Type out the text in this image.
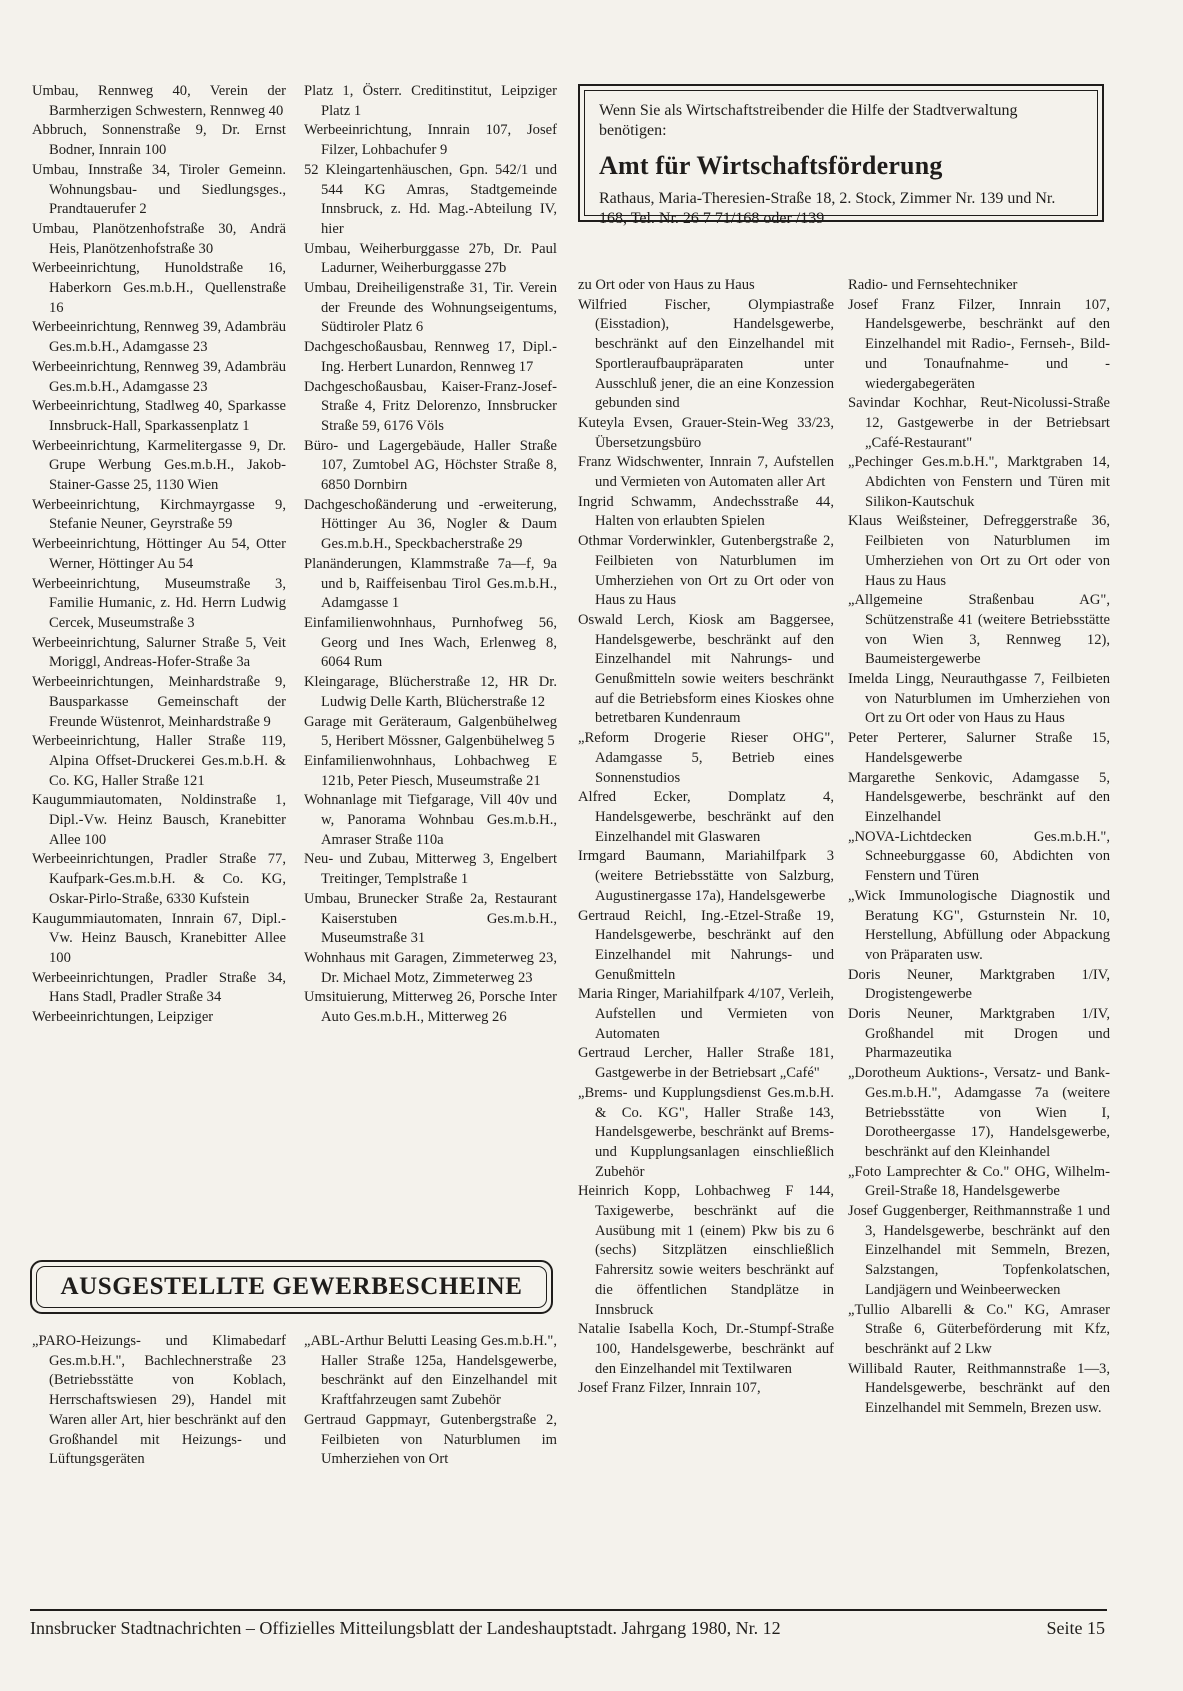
Umbau, Rennweg 40, Verein der Barmherzigen Schwestern, Rennweg 40

Abbruch, Sonnenstraße 9, Dr. Ernst Bodner, Innrain 100

Umbau, Innstraße 34, Tiroler Gemeinn. Wohnungsbau- und Siedlungsges., Prandtauerufer 2

Umbau, Planötzenhofstraße 30, Andrä Heis, Planötzenhofstraße 30

Werbeeinrichtung, Hunoldstraße 16, Haberkorn Ges.m.b.H., Quellenstraße 16

Werbeeinrichtung, Rennweg 39, Adambräu Ges.m.b.H., Adamgasse 23

Werbeeinrichtung, Rennweg 39, Adambräu Ges.m.b.H., Adamgasse 23

Werbeeinrichtung, Stadlweg 40, Sparkasse Innsbruck-Hall, Sparkassenplatz 1

Werbeeinrichtung, Karmelitergasse 9, Dr. Grupe Werbung Ges.m.b.H., Jakob-Stainer-Gasse 25, 1130 Wien

Werbeeinrichtung, Kirchmayrgasse 9, Stefanie Neuner, Geyrstraße 59

Werbeeinrichtung, Höttinger Au 54, Otter Werner, Höttinger Au 54

Werbeeinrichtung, Museumstraße 3, Familie Humanic, z. Hd. Herrn Ludwig Cercek, Museumstraße 3

Werbeeinrichtung, Salurner Straße 5, Veit Moriggl, Andreas-Hofer-Straße 3a

Werbeeinrichtungen, Meinhardstraße 9, Bausparkasse Gemeinschaft der Freunde Wüstenrot, Meinhardstraße 9

Werbeeinrichtung, Haller Straße 119, Alpina Offset-Druckerei Ges.m.b.H. & Co. KG, Haller Straße 121

Kaugummiautomaten, Noldinstraße 1, Dipl.-Vw. Heinz Bausch, Kranebitter Allee 100

Werbeeinrichtungen, Pradler Straße 77, Kaufpark-Ges.m.b.H. & Co. KG, Oskar-Pirlo-Straße, 6330 Kufstein

Kaugummiautomaten, Innrain 67, Dipl.-Vw. Heinz Bausch, Kranebitter Allee 100

Werbeeinrichtungen, Pradler Straße 34, Hans Stadl, Pradler Straße 34

Werbeeinrichtungen, Leipziger

Platz 1, Österr. Creditinstitut, Leipziger Platz 1

Werbeeinrichtung, Innrain 107, Josef Filzer, Lohbachufer 9

52 Kleingartenhäuschen, Gpn. 542/1 und 544 KG Amras, Stadtgemeinde Innsbruck, z. Hd. Mag.-Abteilung IV, hier

Umbau, Weiherburggasse 27b, Dr. Paul Ladurner, Weiherburggasse 27b

Umbau, Dreiheiligenstraße 31, Tir. Verein der Freunde des Wohnungseigentums, Südtiroler Platz 6

Dachgeschoßausbau, Rennweg 17, Dipl.-Ing. Herbert Lunardon, Rennweg 17

Dachgeschoßausbau, Kaiser-Franz-Josef-Straße 4, Fritz Delorenzo, Innsbrucker Straße 59, 6176 Völs

Büro- und Lagergebäude, Haller Straße 107, Zumtobel AG, Höchster Straße 8, 6850 Dornbirn

Dachgeschoßänderung und -erweiterung, Höttinger Au 36, Nogler & Daum Ges.m.b.H., Speckbacherstraße 29

Planänderungen, Klammstraße 7a—f, 9a und b, Raiffeisenbau Tirol Ges.m.b.H., Adamgasse 1

Einfamilienwohnhaus, Purnhofweg 56, Georg und Ines Wach, Erlenweg 8, 6064 Rum

Kleingarage, Blücherstraße 12, HR Dr. Ludwig Delle Karth, Blücherstraße 12

Garage mit Geräteraum, Galgenbühelweg 5, Heribert Mössner, Galgenbühelweg 5

Einfamilienwohnhaus, Lohbachweg E 121b, Peter Piesch, Museumstraße 21

Wohnanlage mit Tiefgarage, Vill 40v und w, Panorama Wohnbau Ges.m.b.H., Amraser Straße 110a

Neu- und Zubau, Mitterweg 3, Engelbert Treitinger, Templstraße 1

Umbau, Brunecker Straße 2a, Restaurant Kaiserstuben Ges.m.b.H., Museumstraße 31

Wohnhaus mit Garagen, Zimmeterweg 23, Dr. Michael Motz, Zimmeterweg 23

Umsituierung, Mitterweg 26, Porsche Inter Auto Ges.m.b.H., Mitterweg 26

Wenn Sie als Wirtschaftstreibender die Hilfe der Stadtverwaltung benötigen:

Amt für Wirtschaftsförderung

Rathaus, Maria-Theresien-Straße 18, 2. Stock, Zimmer Nr. 139 und Nr. 168, Tel. Nr. 26 7 71/168 oder /139

zu Ort oder von Haus zu Haus

Wilfried Fischer, Olympiastraße (Eisstadion), Handelsgewerbe, beschränkt auf den Einzelhandel mit Sportleraufbaupräparaten unter Ausschluß jener, die an eine Konzession gebunden sind

Kuteyla Evsen, Grauer-Stein-Weg 33/23, Übersetzungsbüro

Franz Widschwenter, Innrain 7, Aufstellen und Vermieten von Automaten aller Art

Ingrid Schwamm, Andechsstraße 44, Halten von erlaubten Spielen

Othmar Vorderwinkler, Gutenbergstraße 2, Feilbieten von Naturblumen im Umherziehen von Ort zu Ort oder von Haus zu Haus

Oswald Lerch, Kiosk am Baggersee, Handelsgewerbe, beschränkt auf den Einzelhandel mit Nahrungs- und Genußmitteln sowie weiters beschränkt auf die Betriebsform eines Kioskes ohne betretbaren Kundenraum

„Reform Drogerie Rieser OHG", Adamgasse 5, Betrieb eines Sonnenstudios

Alfred Ecker, Domplatz 4, Handelsgewerbe, beschränkt auf den Einzelhandel mit Glaswaren

Irmgard Baumann, Mariahilfpark 3 (weitere Betriebsstätte von Salzburg, Augustinergasse 17a), Handelsgewerbe

Gertraud Reichl, Ing.-Etzel-Straße 19, Handelsgewerbe, beschränkt auf den Einzelhandel mit Nahrungs- und Genußmitteln

Maria Ringer, Mariahilfpark 4/107, Verleih, Aufstellen und Vermieten von Automaten

Gertraud Lercher, Haller Straße 181, Gastgewerbe in der Betriebsart „Café"

„Brems- und Kupplungsdienst Ges.m.b.H. & Co. KG", Haller Straße 143, Handelsgewerbe, beschränkt auf Brems- und Kupplungsanlagen einschließlich Zubehör

Heinrich Kopp, Lohbachweg F 144, Taxigewerbe, beschränkt auf die Ausübung mit 1 (einem) Pkw bis zu 6 (sechs) Sitzplätzen einschließlich Fahrersitz sowie weiters beschränkt auf die öffentlichen Standplätze in Innsbruck

Natalie Isabella Koch, Dr.-Stumpf-Straße 100, Handelsgewerbe, beschränkt auf den Einzelhandel mit Textilwaren

Josef Franz Filzer, Innrain 107,

Radio- und Fernsehtechniker

Josef Franz Filzer, Innrain 107, Handelsgewerbe, beschränkt auf den Einzelhandel mit Radio-, Fernseh-, Bild- und Tonaufnahme- und -wiedergabegeräten

Savindar Kochhar, Reut-Nicolussi-Straße 12, Gastgewerbe in der Betriebsart „Café-Restaurant"

„Pechinger Ges.m.b.H.", Marktgraben 14, Abdichten von Fenstern und Türen mit Silikon-Kautschuk

Klaus Weißsteiner, Defreggerstraße 36, Feilbieten von Naturblumen im Umherziehen von Ort zu Ort oder von Haus zu Haus

„Allgemeine Straßenbau AG", Schützenstraße 41 (weitere Betriebsstätte von Wien 3, Rennweg 12), Baumeistergewerbe

Imelda Lingg, Neurauthgasse 7, Feilbieten von Naturblumen im Umherziehen von Ort zu Ort oder von Haus zu Haus

Peter Perterer, Salurner Straße 15, Handelsgewerbe

Margarethe Senkovic, Adamgasse 5, Handelsgewerbe, beschränkt auf den Einzelhandel

„NOVA-Lichtdecken Ges.m.b.H.", Schneeburggasse 60, Abdichten von Fenstern und Türen

„Wick Immunologische Diagnostik und Beratung KG", Gsturnstein Nr. 10, Herstellung, Abfüllung oder Abpackung von Präparaten usw.

Doris Neuner, Marktgraben 1/IV, Drogistengewerbe

Doris Neuner, Marktgraben 1/IV, Großhandel mit Drogen und Pharmazeutika

„Dorotheum Auktions-, Versatz- und Bank-Ges.m.b.H.", Adamgasse 7a (weitere Betriebsstätte von Wien I, Dorotheergasse 17), Handelsgewerbe, beschränkt auf den Kleinhandel

„Foto Lamprechter & Co." OHG, Wilhelm-Greil-Straße 18, Handelsgewerbe

Josef Guggenberger, Reithmannstraße 1 und 3, Handelsgewerbe, beschränkt auf den Einzelhandel mit Semmeln, Brezen, Salzstangen, Topfenkolatschen, Landjägern und Weinbeerwecken

„Tullio Albarelli & Co." KG, Amraser Straße 6, Güterbeförderung mit Kfz, beschränkt auf 2 Lkw

Willibald Rauter, Reithmannstraße 1—3, Handelsgewerbe, beschränkt auf den Einzelhandel mit Semmeln, Brezen usw.

AUSGESTELLTE GEWERBESCHEINE

„PARO-Heizungs- und Klimabedarf Ges.m.b.H.", Bachlechnerstraße 23 (Betriebsstätte von Koblach, Herrschaftswiesen 29), Handel mit Waren aller Art, hier beschränkt auf den Großhandel mit Heizungs- und Lüftungsgeräten

„ABL-Arthur Belutti Leasing Ges.m.b.H.", Haller Straße 125a, Handelsgewerbe, beschränkt auf den Einzelhandel mit Kraftfahrzeugen samt Zubehör

Gertraud Gappmayr, Gutenbergstraße 2, Feilbieten von Naturblumen im Umherziehen von Ort

Innsbrucker Stadtnachrichten – Offizielles Mitteilungsblatt der Landeshauptstadt. Jahrgang 1980, Nr. 12	Seite 15
